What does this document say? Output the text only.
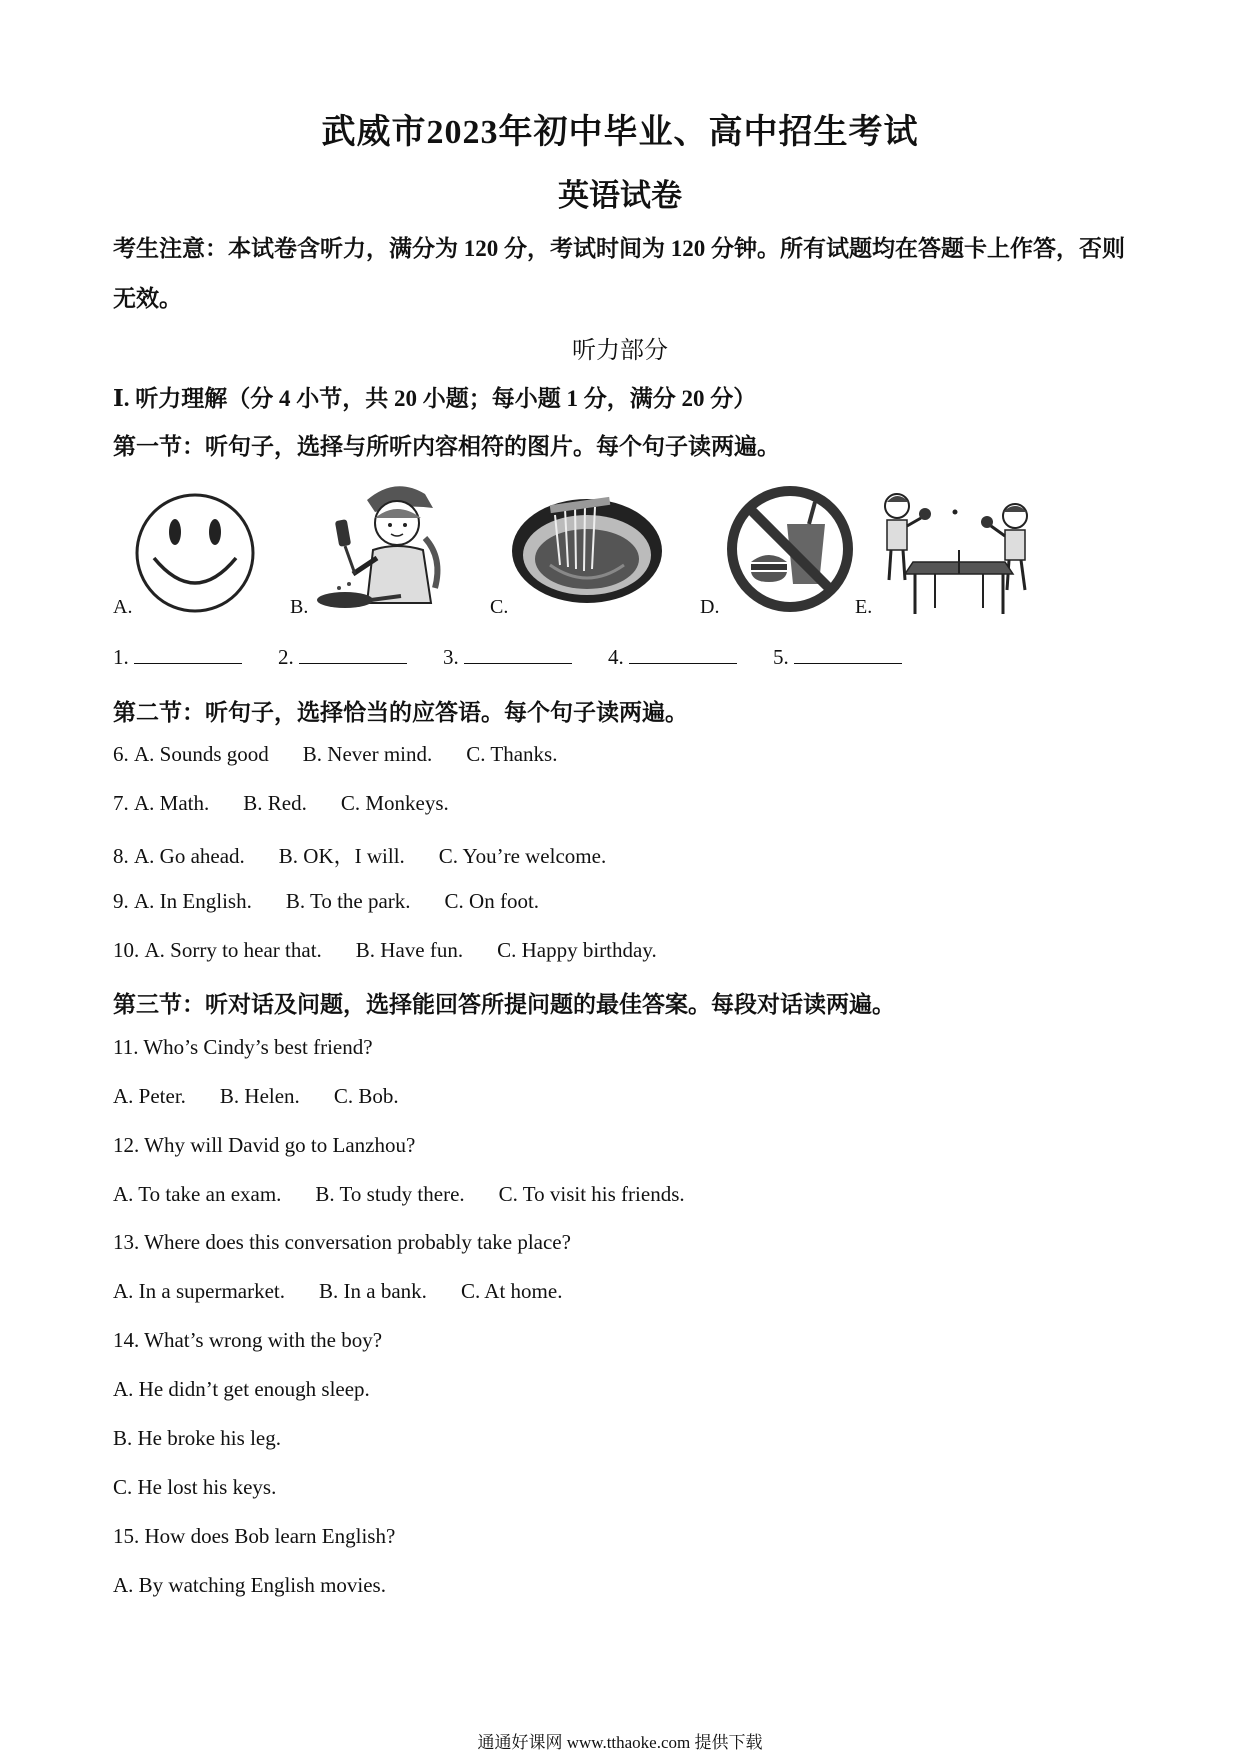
武威市2023年初中毕业、高中招生考试
英语试卷
考生注意：本试卷含听力，满分为 120 分，考试时间为 120 分钟。所有试题均在答题卡上作答，否则无效。
听力部分
Ⅰ. 听力理解（分 4 小节，共 20 小题；每小题 1 分，满分 20 分）
第一节：听句子，选择与所听内容相符的图片。每个句子读两遍。
A.	B.	C.	D.	E.
1.	2.	3.	4.	5.
第二节：听句子，选择恰当的应答语。每个句子读两遍。
6. A. Sounds good B. Never mind. C. Thanks.
7. A. Math. B. Red. C. Monkeys.
8. A. Go ahead. B. OK，I will. C. You’re welcome.
9. A. In English. B. To the park. C. On foot.
10. A. Sorry to hear that. B. Have fun. C. Happy birthday.
第三节：听对话及问题，选择能回答所提问题的最佳答案。每段对话读两遍。
11. Who’s Cindy’s best friend?
A. Peter. B. Helen. C. Bob.
12. Why will David go to Lanzhou?
A. To take an exam. B. To study there. C. To visit his friends.
13. Where does this conversation probably take place?
A. In a supermarket. B. In a bank. C. At home.
14. What’s wrong with the boy?
A. He didn’t get enough sleep.
B. He broke his leg.
C. He lost his keys.
15. How does Bob learn English?
A. By watching English movies.
通通好课网 www.tthaoke.com 提供下载
